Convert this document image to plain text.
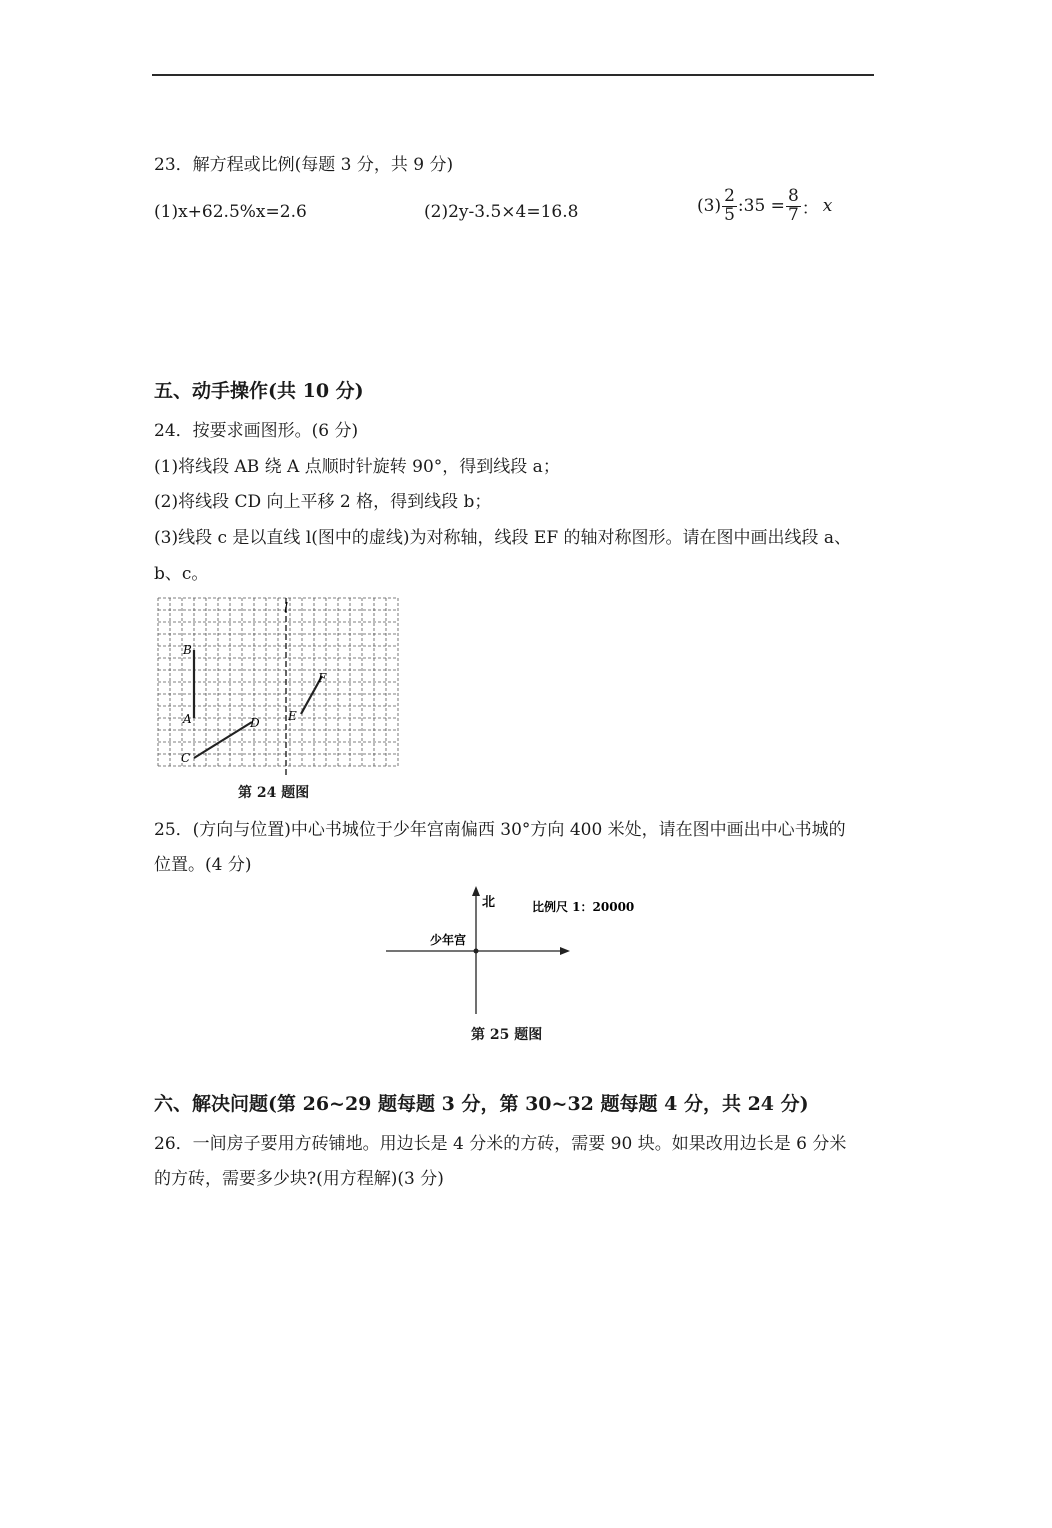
23．解方程或比例(每题 3 分，共 9 分)
(1)x+62.5%x=2.6	(2)2y-3.5×4=16.8	$(3) \frac{2}{5}$ :35 = $\frac{8}{7}$ ： x
五、动手操作(共 10 分)
24．按要求画图形。(6 分)
(1)将线段 AB 绕 A 点顺时针旋转 90°，得到线段 a；
(2)将线段 CD 向上平移 2 格，得到线段 b；
(3)线段 c 是以直线 l(图中的虚线)为对称轴，线段 EF 的轴对称图形。请在图中画出线段 a、
b、c。
l
B
A
C
D E
F
第 24 题图
25．(方向与位置)中心书城位于少年宫南偏西 30°方向 400 米处，请在图中画出中心书城的
位置。(4 分)
北	比例尺 1：20000
少年宫
第 25 题图
六、解决问题(第 26~29 题每题 3 分，第 30~32 题每题 4 分，共 24 分)
26．一间房子要用方砖铺地。用边长是 4 分米的方砖，需要 90 块。如果改用边长是 6 分米
的方砖，需要多少块?(用方程解)(3 分)
